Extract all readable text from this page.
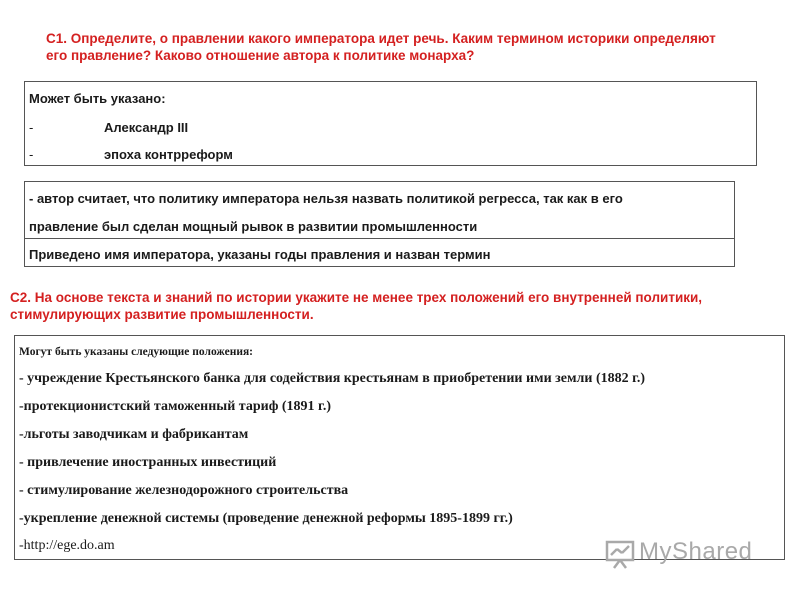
С1. Определите, о правлении какого императора идет речь. Каким термином историки определяют
его правление? Каково отношение автора к политике монарха?
Может быть указано:
-	Александр III
-	эпоха контрреформ
- автор считает, что политику императора нельзя назвать политикой регресса, так как в его
правление был сделан мощный рывок в развитии промышленности
Приведено имя императора, указаны годы правления и назван термин
С2. На основе текста и знаний по истории укажите не менее трех положений его внутренней политики,
стимулирующих развитие промышленности.
Могут быть указаны следующие положения:
- учреждение Крестьянского банка для содействия крестьянам в приобретении ими земли (1882 г.)
-протекционистский таможенный тариф (1891 г.)
-льготы заводчикам и фабрикантам
- привлечение иностранных инвестиций
- стимулирование железнодорожного строительства
-укрепление денежной системы (проведение денежной реформы 1895-1899 гг.)
-http://ege.do.am	MyShared
